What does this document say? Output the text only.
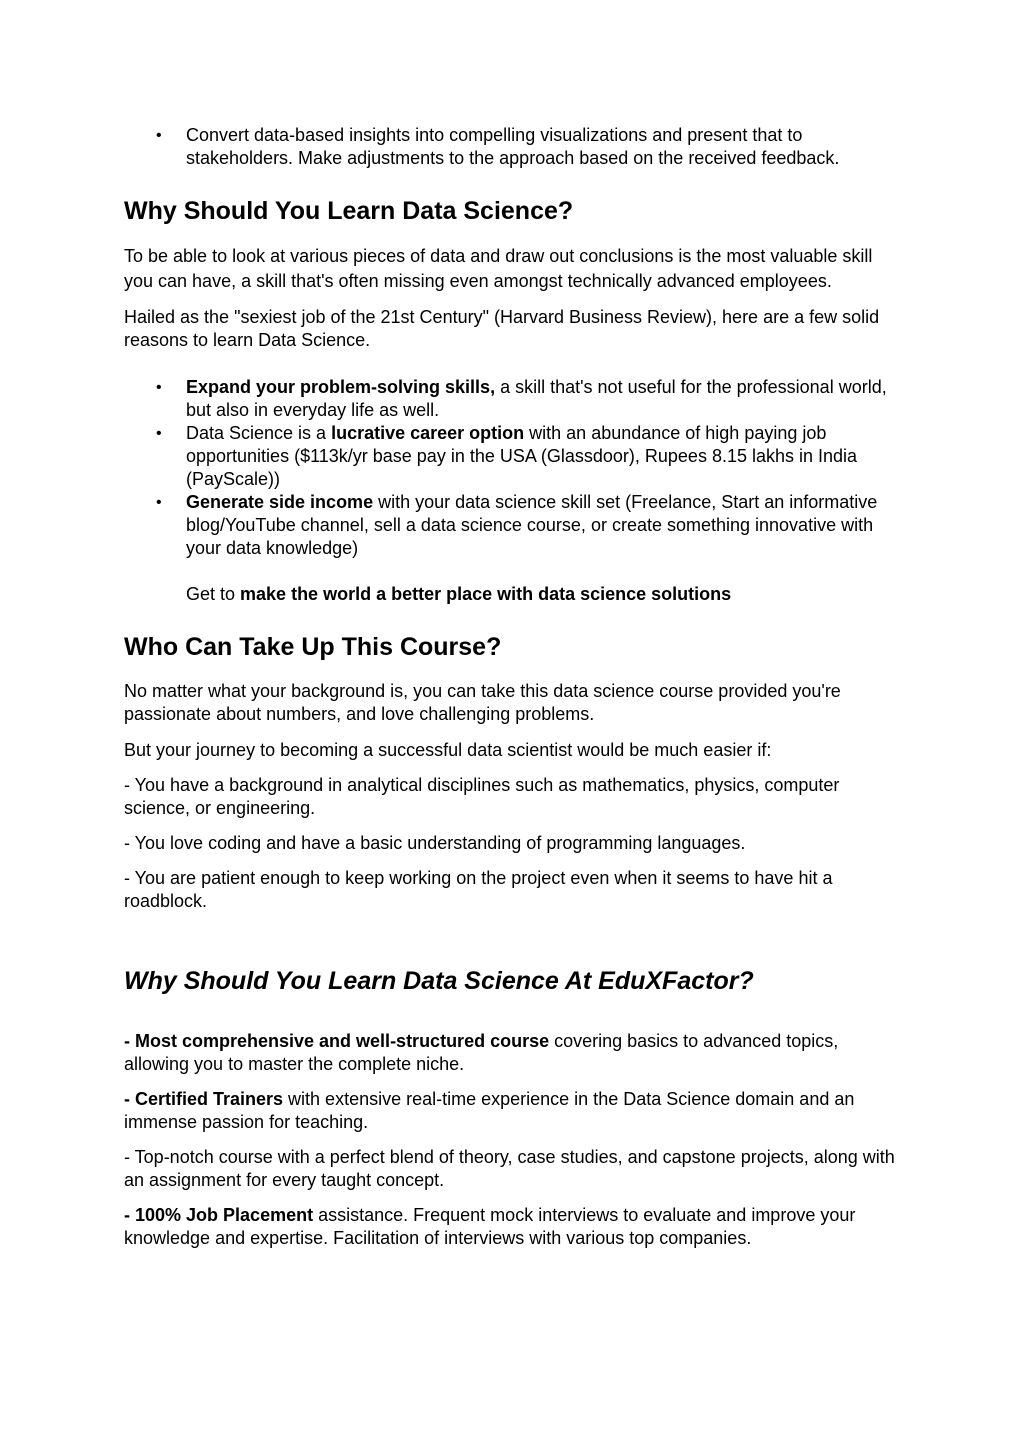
• Convert data-based insights into compelling visualizations and present that to stakeholders. Make adjustments to the approach based on the received feedback.
Why Should You Learn Data Science?

To be able to look at various pieces of data and draw out conclusions is the most valuable skill you can have, a skill that's often missing even amongst technically advanced employees.

Hailed as the "sexiest job of the 21st Century" (Harvard Business Review), here are a few solid reasons to learn Data Science.

• Expand your problem-solving skills, a skill that's not useful for the professional world, but also in everyday life as well.
• Data Science is a lucrative career option with an abundance of high paying job opportunities ($113k/yr base pay in the USA (Glassdoor), Rupees 8.15 lakhs in India (PayScale))
• Generate side income with your data science skill set (Freelance, Start an informative blog/YouTube channel, sell a data science course, or create something innovative with your data knowledge)

Get to make the world a better place with data science solutions

Who Can Take Up This Course?

No matter what your background is, you can take this data science course provided you're passionate about numbers, and love challenging problems.

But your journey to becoming a successful data scientist would be much easier if:

- You have a background in analytical disciplines such as mathematics, physics, computer science, or engineering.

- You love coding and have a basic understanding of programming languages.

- You are patient enough to keep working on the project even when it seems to have hit a roadblock.

Why Should You Learn Data Science At EduXFactor?

- Most comprehensive and well-structured course covering basics to advanced topics, allowing you to master the complete niche.

- Certified Trainers with extensive real-time experience in the Data Science domain and an immense passion for teaching.

- Top-notch course with a perfect blend of theory, case studies, and capstone projects, along with an assignment for every taught concept.

- 100% Job Placement assistance. Frequent mock interviews to evaluate and improve your knowledge and expertise. Facilitation of interviews with various top companies.
